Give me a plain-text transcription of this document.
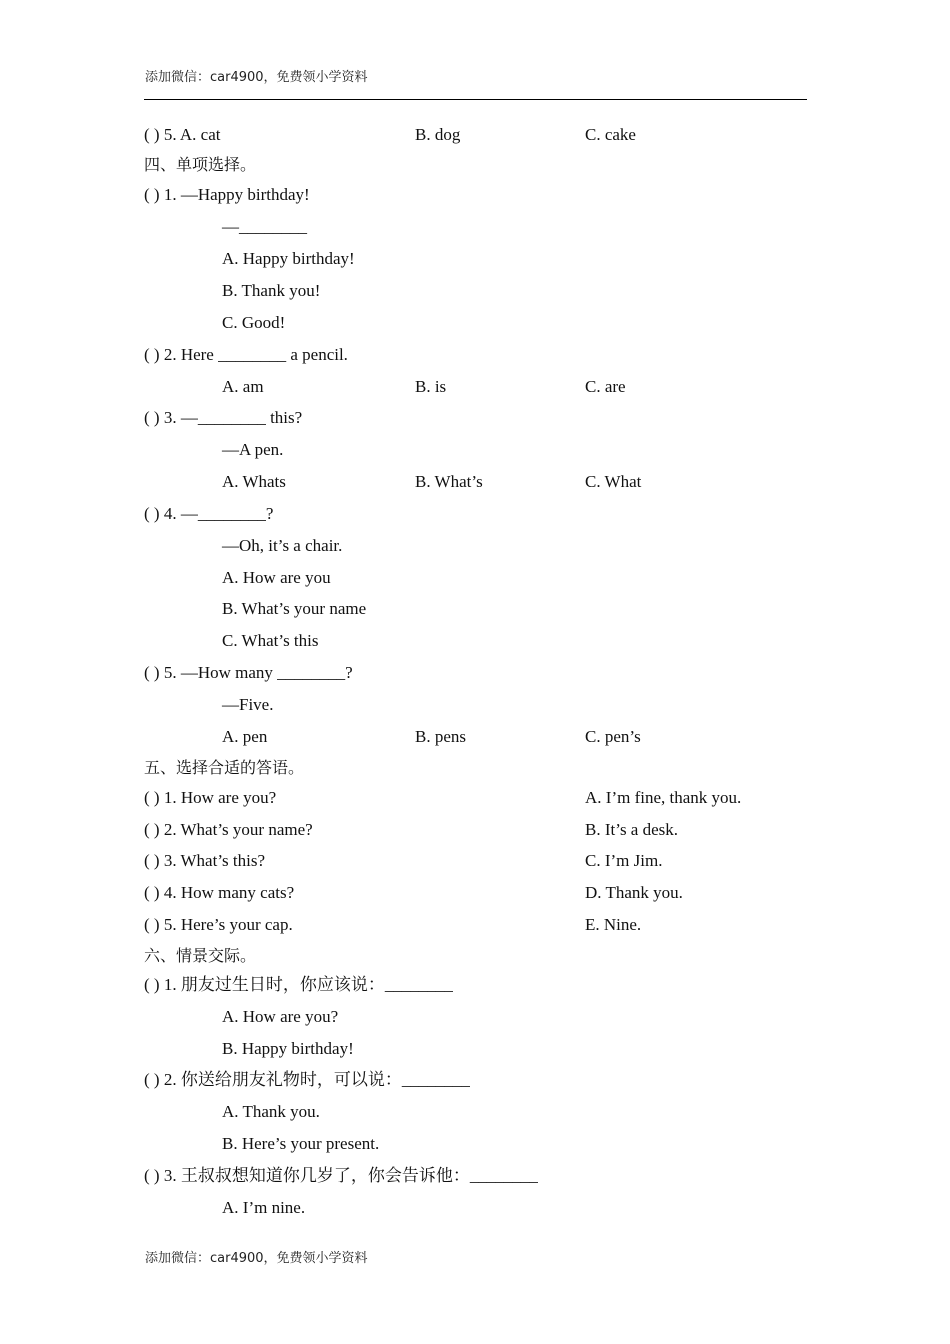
添加微信：car4900，免费领小学资料
( ) 5. A. cat	B. dog	C. cake
四、单项选择。
( ) 1. —Happy birthday!
—________
A. Happy birthday!
B. Thank you!
C. Good!
( ) 2. Here ________ a pencil.
A. am	B. is	C. are
( ) 3. —________ this?
—A pen.
A. Whats	B. What’s	C. What
( ) 4. —________?
—Oh, it’s a chair.
A. How are you
B. What’s your name
C. What’s this
( ) 5. —How many ________?
—Five.
A. pen	B. pens	C. pen’s
五、选择合适的答语。
( ) 1. How are you?	A. I’m fine, thank you.
( ) 2. What’s your name?	B. It’s a desk.
( ) 3. What’s this?	C. I’m Jim.
( ) 4. How many cats?	D. Thank you.
( ) 5. Here’s your cap.	E. Nine.
六、情景交际。
( ) 1. 朋友过生日时，你应该说：________
A. How are you?
B. Happy birthday!
( ) 2. 你送给朋友礼物时，可以说：________
A. Thank you.
B. Here’s your present.
( ) 3. 王叔叔想知道你几岁了，你会告诉他：________
A. I’m nine.
添加微信：car4900，免费领小学资料
